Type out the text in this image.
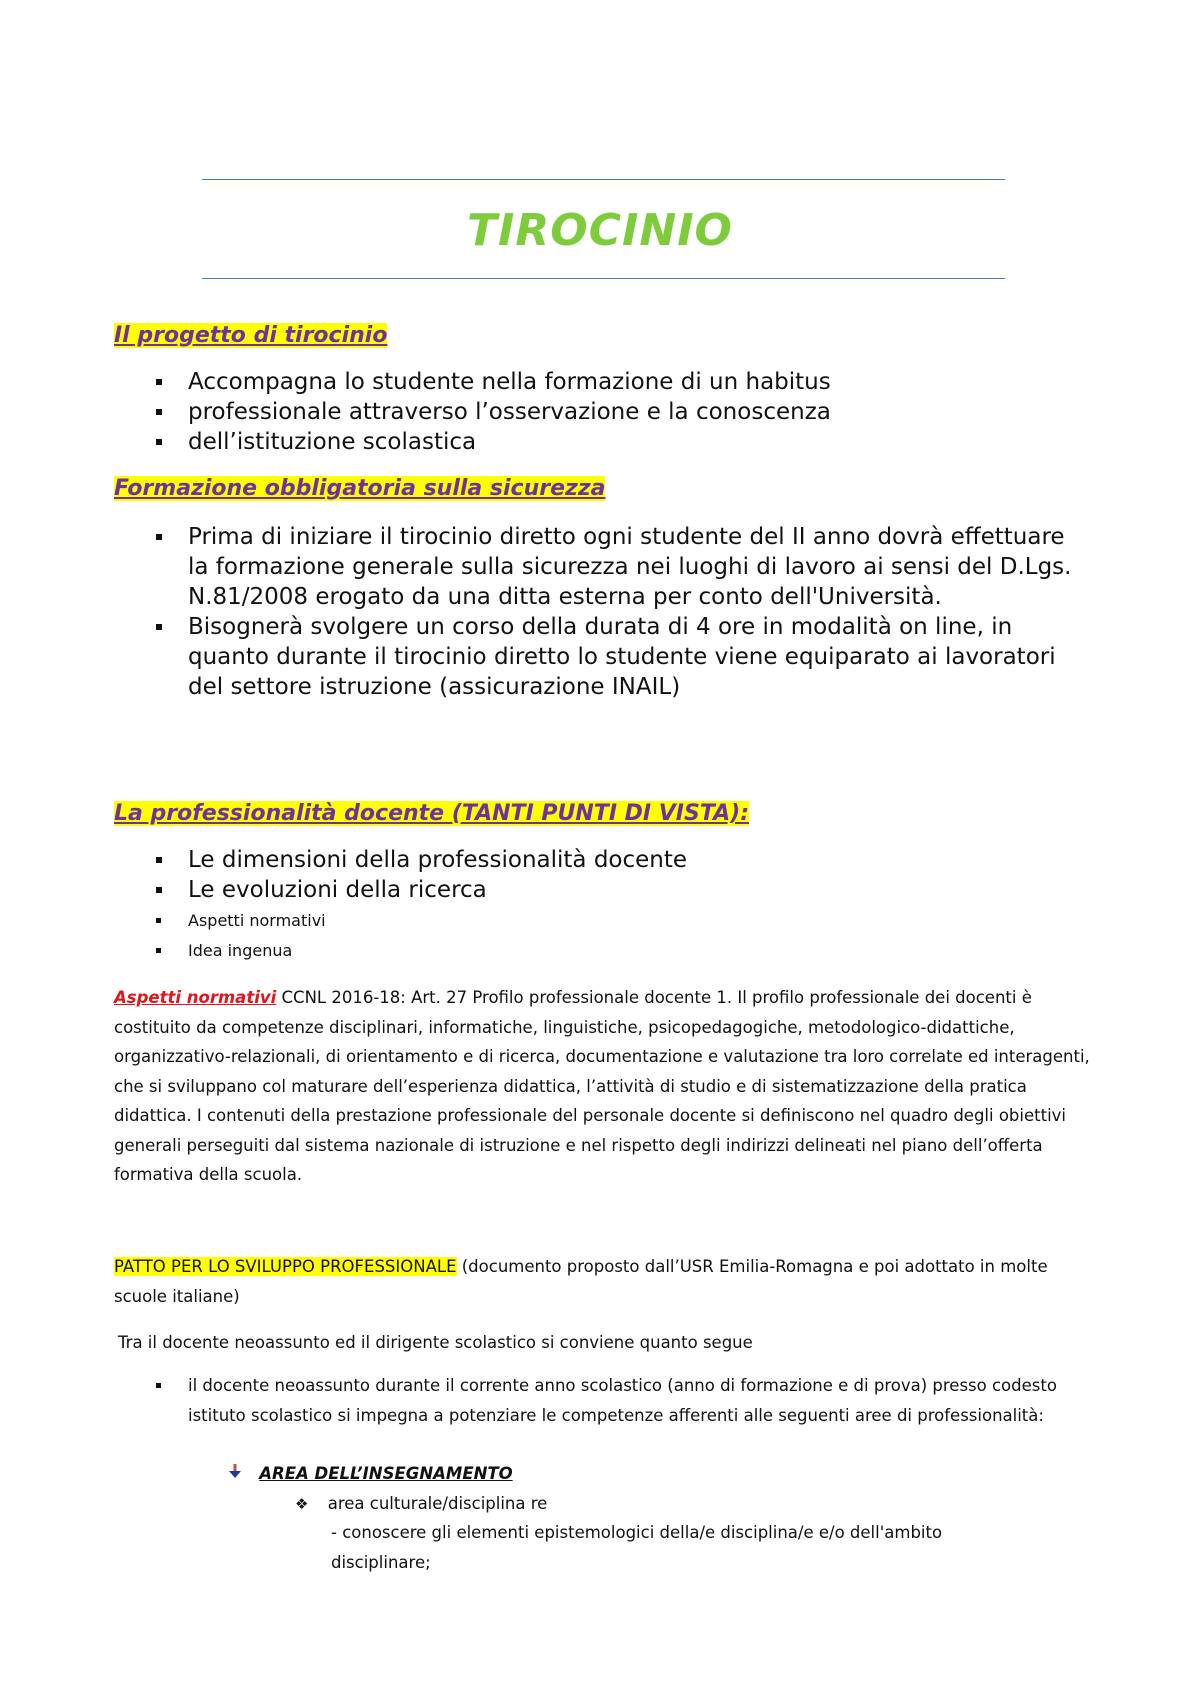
TIROCINIO
Il progetto di tirocinio
Accompagna lo studente nella formazione di un habitus
professionale attraverso l’osservazione e la conoscenza
dell’istituzione scolastica
Formazione obbligatoria sulla sicurezza
Prima di iniziare il tirocinio diretto ogni studente del II anno dovrà effettuare la formazione generale sulla sicurezza nei luoghi di lavoro ai sensi del D.Lgs. N.81/2008 erogato da una ditta esterna per conto dell'Università.
Bisognerà svolgere un corso della durata di 4 ore in modalità on line, in quanto durante il tirocinio diretto lo studente viene equiparato ai lavoratori del settore istruzione (assicurazione INAIL)
La professionalità docente (TANTI PUNTI DI VISTA):
Le dimensioni della professionalità docente
Le evoluzioni della ricerca
Aspetti normativi
Idea ingenua
Aspetti normativi CCNL 2016-18: Art. 27 Profilo professionale docente 1. Il profilo professionale dei docenti è costituito da competenze disciplinari, informatiche, linguistiche, psicopedagogiche, metodologico-didattiche, organizzativo-relazionali, di orientamento e di ricerca, documentazione e valutazione tra loro correlate ed interagenti, che si sviluppano col maturare dell’esperienza didattica, l’attività di studio e di sistematizzazione della pratica didattica. I contenuti della prestazione professionale del personale docente si definiscono nel quadro degli obiettivi generali perseguiti dal sistema nazionale di istruzione e nel rispetto degli indirizzi delineati nel piano dell’offerta formativa della scuola.
PATTO PER LO SVILUPPO PROFESSIONALE (documento proposto dall’USR Emilia-Romagna e poi adottato in molte scuole italiane)
Tra il docente neoassunto ed il dirigente scolastico si conviene quanto segue
il docente neoassunto durante il corrente anno scolastico (anno di formazione e di prova) presso codesto istituto scolastico si impegna a potenziare le competenze afferenti alle seguenti aree di professionalità:
AREA DELL’INSEGNAMENTO
❖ area culturale/disciplina re
- conoscere gli elementi epistemologici della/e disciplina/e e/o dell'ambito disciplinare;
